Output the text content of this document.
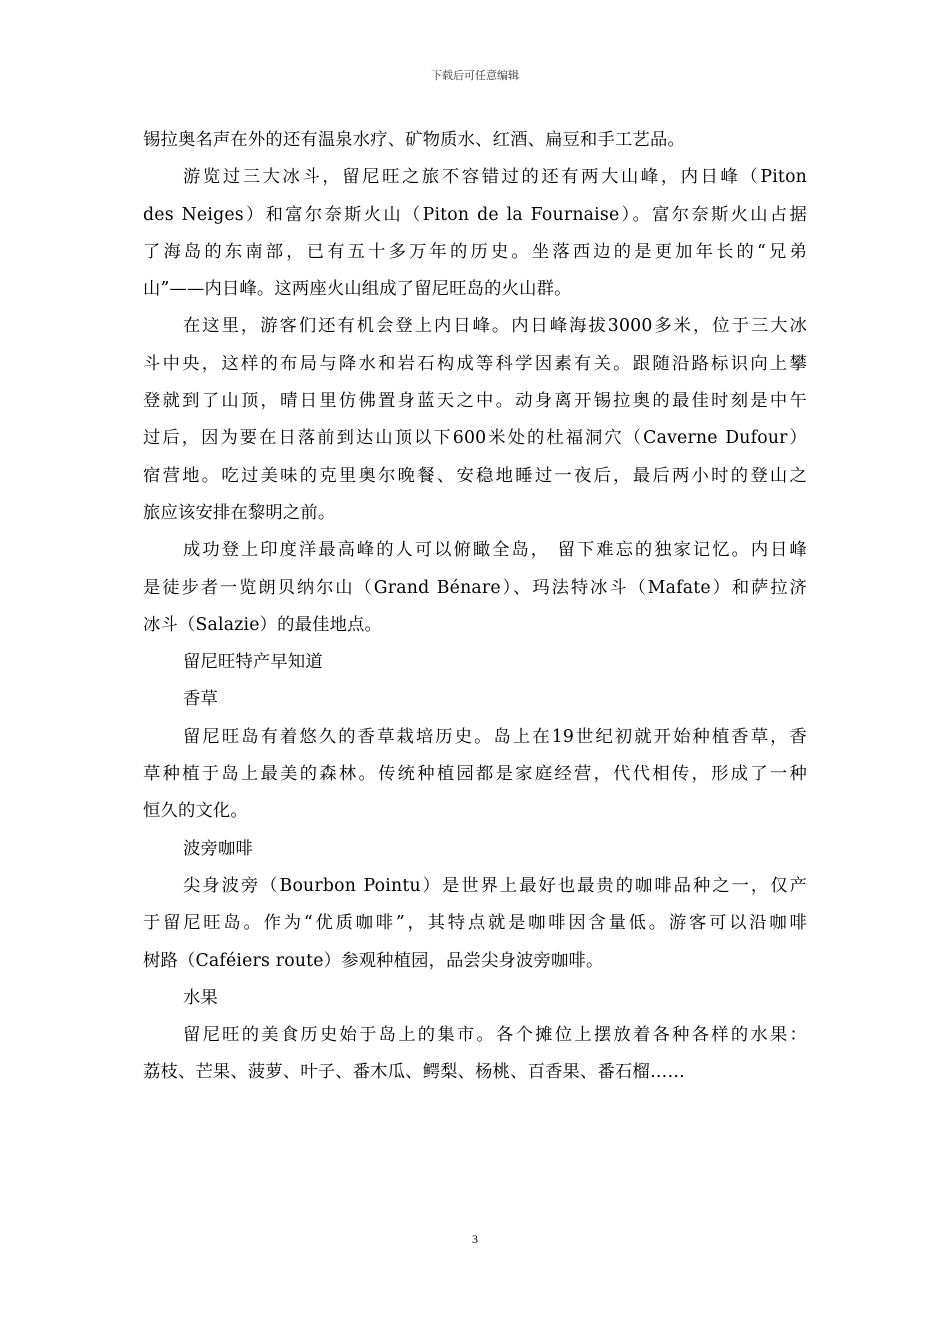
下载后可任意编辑
锡拉奥名声在外的还有温泉水疗、矿物质水、红酒、扁豆和手工艺品。
游览过三大冰斗，留尼旺之旅不容错过的还有两大山峰，内日峰（Piton
des Neiges）和富尔奈斯火山（Piton de la Fournaise）。富尔奈斯火山占据
了海岛的东南部，已有五十多万年的历史。坐落西边的是更加年长的“兄弟
山”——内日峰。这两座火山组成了留尼旺岛的火山群。
在这里，游客们还有机会登上内日峰。内日峰海拔3000多米，位于三大冰
斗中央，这样的布局与降水和岩石构成等科学因素有关。跟随沿路标识向上攀
登就到了山顶，晴日里仿佛置身蓝天之中。动身离开锡拉奥的最佳时刻是中午
过后，因为要在日落前到达山顶以下600米处的杜福洞穴（Caverne Dufour）
宿营地。吃过美味的克里奥尔晚餐、安稳地睡过一夜后，最后两小时的登山之
旅应该安排在黎明之前。
成功登上印度洋最高峰的人可以俯瞰全岛， 留下难忘的独家记忆。内日峰
是徒步者一览朗贝纳尔山（Grand Bénare）、玛法特冰斗（Mafate）和萨拉济
冰斗（Salazie）的最佳地点。
留尼旺特产早知道
香草
留尼旺岛有着悠久的香草栽培历史。岛上在19世纪初就开始种植香草，香
草种植于岛上最美的森林。传统种植园都是家庭经营，代代相传，形成了一种
恒久的文化。
波旁咖啡
尖身波旁（Bourbon Pointu）是世界上最好也最贵的咖啡品种之一，仅产
于留尼旺岛。作为“优质咖啡”，其特点就是咖啡因含量低。游客可以沿咖啡
树路（Caféiers route）参观种植园，品尝尖身波旁咖啡。
水果
留尼旺的美食历史始于岛上的集市。各个摊位上摆放着各种各样的水果：
荔枝、芒果、菠萝、叶子、番木瓜、鳄梨、杨桃、百香果、番石榴……
3
